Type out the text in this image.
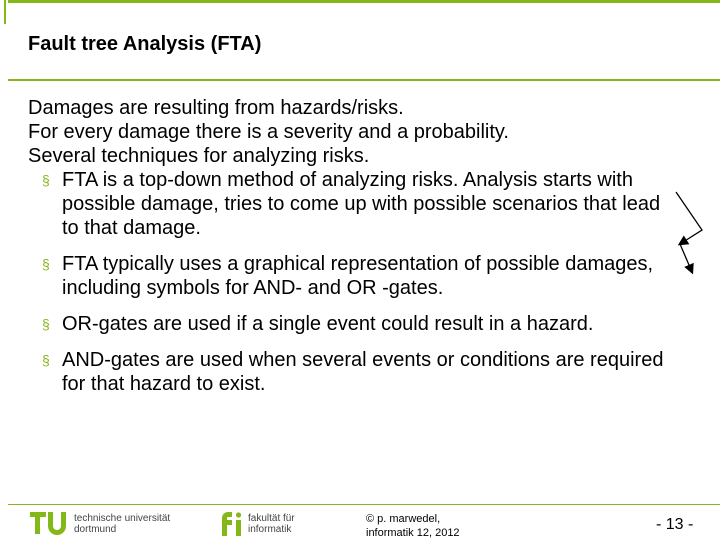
Fault tree Analysis (FTA)

Damages are resulting from hazards/risks.

For every damage there is a severity and a probability.

Several techniques for analyzing risks.

§ FTA is a top-down method of analyzing risks. Analysis starts with possible damage, tries to come up with possible scenarios that lead to that damage.
§ FTA typically uses a graphical representation of possible damages, including symbols for AND- and OR -gates.
§ OR-gates are used if a single event could result in a hazard.
§ AND-gates are used when several events or conditions are required for that hazard to exist.
technische universität
dortmund
fakultät für
informatik
© p. marwedel,
informatik 12, 2012	- 13 -
